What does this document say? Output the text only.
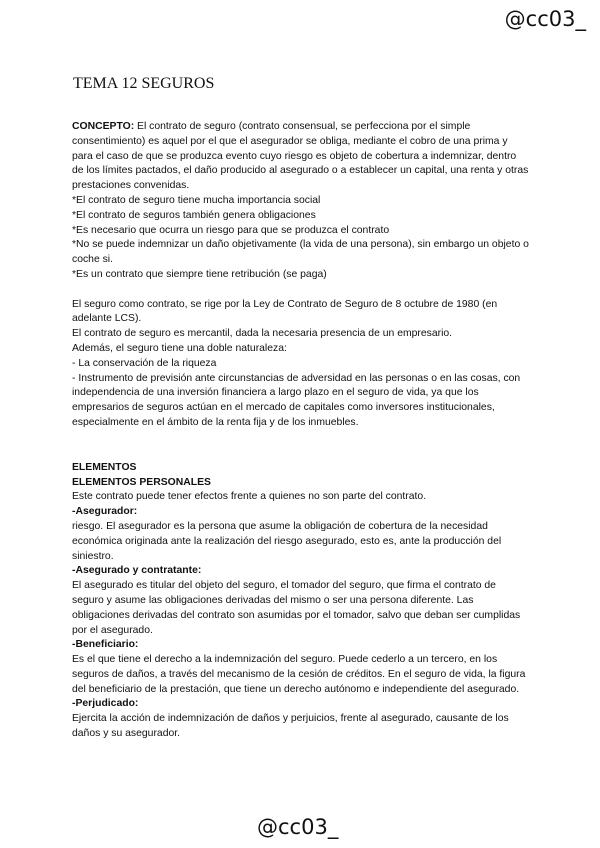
@cc03_
TEMA 12 SEGUROS

CONCEPTO: El contrato de seguro (contrato consensual, se perfecciona por el simple consentimiento) es aquel por el que el asegurador se obliga, mediante el cobro de una prima y para el caso de que se produzca evento cuyo riesgo es objeto de cobertura a indemnizar, dentro de los límites pactados, el daño producido al asegurado o a establecer un capital, una renta y otras prestaciones convenidas.

*El contrato de seguro tiene mucha importancia social

*El contrato de seguros también genera obligaciones

*Es necesario que ocurra un riesgo para que se produzca el contrato

*No se puede indemnizar un daño objetivamente (la vida de una persona), sin embargo un objeto o coche si.

*Es un contrato que siempre tiene retribución (se paga)

El seguro como contrato, se rige por la Ley de Contrato de Seguro de 8 octubre de 1980 (en adelante LCS).

El contrato de seguro es mercantil, dada la necesaria presencia de un empresario.

Además, el seguro tiene una doble naturaleza:

- La conservación de la riqueza

- Instrumento de previsión ante circunstancias de adversidad en las personas o en las cosas, con independencia de una inversión financiera a largo plazo en el seguro de vida, ya que los empresarios de seguros actúan en el mercado de capitales como inversores institucionales, especialmente en el ámbito de la renta fija y de los inmuebles.

ELEMENTOS

ELEMENTOS PERSONALES

Este contrato puede tener efectos frente a quienes no son parte del contrato.

-Asegurador:

riesgo. El asegurador es la persona que asume la obligación de cobertura de la necesidad económica originada ante la realización del riesgo asegurado, esto es, ante la producción del siniestro.

-Asegurado y contratante:

El asegurado es titular del objeto del seguro, el tomador del seguro, que firma el contrato de seguro y asume las obligaciones derivadas del mismo o ser una persona diferente. Las obligaciones derivadas del contrato son asumidas por el tomador, salvo que deban ser cumplidas por el asegurado.

-Beneficiario:

Es el que tiene el derecho a la indemnización del seguro. Puede cederlo a un tercero, en los seguros de daños, a través del mecanismo de la cesión de créditos. En el seguro de vida, la figura del beneficiario de la prestación, que tiene un derecho autónomo e independiente del asegurado.

-Perjudicado:

Ejercita la acción de indemnización de daños y perjuicios, frente al asegurado, causante de los daños y su asegurador.

@cc03_
